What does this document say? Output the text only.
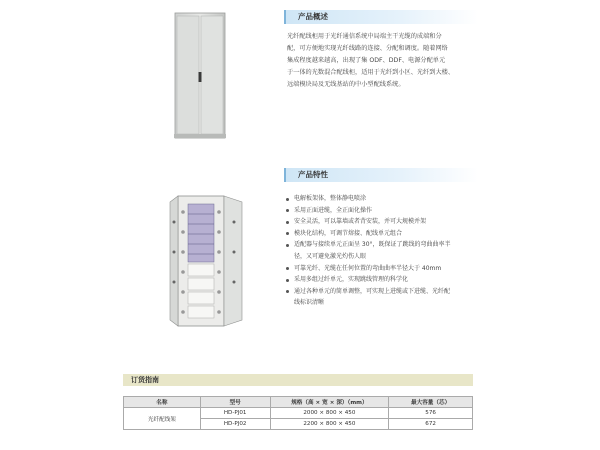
产品概述

光纤配线柜用于光纤通信系统中局端主干光缆的成端和分

配，可方便地实现光纤线路的连接、分配和调度。随着网络

集成程度越来越高，出现了集 ODF、DDF、电源分配单元

于一体的光数混合配线柜，适用于光纤到小区、光纤到大楼、

远端模块局及无线基站的中小型配线系统。

产品特性
电解板架体，整体静电喷涂
采用正面进缆，全正面化操作
安全灵活，可以靠墙或者背安装，并可大规模并架
模块化结构，可调节熔接、配线单元组合
适配器与接续单元正面呈 30°，既保证了跳线的弯曲曲率半
径，又可避免激光灼伤人眼
可靠光纤、光缆在任何位置的弯曲曲率半径大于 40mm
采用多组过纤单元，实现跳线管理的科学化
通过各种单元的简单调整，可实现上进缆或下进缆、光纤配
线标识清晰
订货指南
名称	型号	规格（高 × 宽 × 深）（mm）	最大容量（芯）
光纤配线架	HD-PJ01	2000 × 800 × 450	576
	HD-PJ02	2200 × 800 × 450	672
